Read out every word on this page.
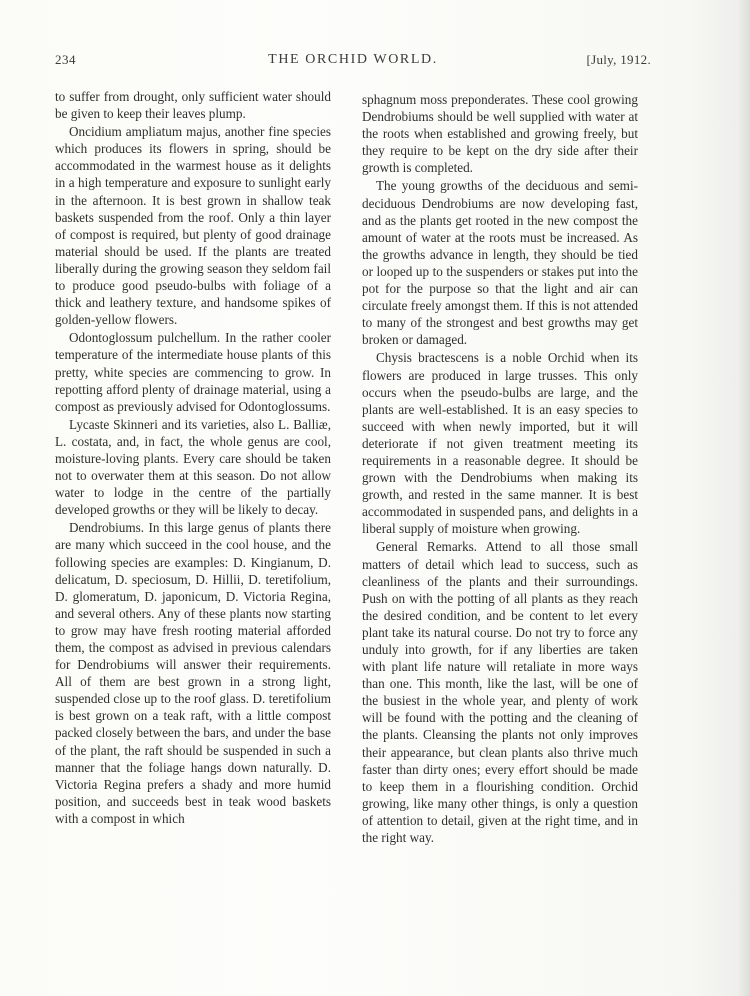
234	THE ORCHID WORLD.	[July, 1912.

to suffer from drought, only sufficient water should be given to keep their leaves plump.

Oncidium ampliatum majus, another fine species which produces its flowers in spring, should be accommodated in the warmest house as it delights in a high temperature and exposure to sunlight early in the afternoon. It is best grown in shallow teak baskets suspended from the roof. Only a thin layer of compost is required, but plenty of good drainage material should be used. If the plants are treated liberally during the growing season they seldom fail to produce good pseudo-bulbs with foliage of a thick and leathery texture, and handsome spikes of golden-yellow flowers.

Odontoglossum pulchellum. In the rather cooler temperature of the intermediate house plants of this pretty, white species are commencing to grow. In repotting afford plenty of drainage material, using a compost as previously advised for Odontoglossums.

Lycaste Skinneri and its varieties, also L. Balliæ, L. costata, and, in fact, the whole genus are cool, moisture-loving plants. Every care should be taken not to overwater them at this season. Do not allow water to lodge in the centre of the partially developed growths or they will be likely to decay.

Dendrobiums. In this large genus of plants there are many which succeed in the cool house, and the following species are examples: D. Kingianum, D. delicatum, D. speciosum, D. Hillii, D. teretifolium, D. glomeratum, D. japonicum, D. Victoria Regina, and several others. Any of these plants now starting to grow may have fresh rooting material afforded them, the compost as advised in previous calendars for Dendrobiums will answer their requirements. All of them are best grown in a strong light, suspended close up to the roof glass. D. teretifolium is best grown on a teak raft, with a little compost packed closely between the bars, and under the base of the plant, the raft should be suspended in such a manner that the foliage hangs down naturally. D. Victoria Regina prefers a shady and more humid position, and succeeds best in teak wood baskets with a compost in which

sphagnum moss preponderates. These cool growing Dendrobiums should be well supplied with water at the roots when established and growing freely, but they require to be kept on the dry side after their growth is completed.

The young growths of the deciduous and semi-deciduous Dendrobiums are now developing fast, and as the plants get rooted in the new compost the amount of water at the roots must be increased. As the growths advance in length, they should be tied or looped up to the suspenders or stakes put into the pot for the purpose so that the light and air can circulate freely amongst them. If this is not attended to many of the strongest and best growths may get broken or damaged.

Chysis bractescens is a noble Orchid when its flowers are produced in large trusses. This only occurs when the pseudo-bulbs are large, and the plants are well-established. It is an easy species to succeed with when newly imported, but it will deteriorate if not given treatment meeting its requirements in a reasonable degree. It should be grown with the Dendrobiums when making its growth, and rested in the same manner. It is best accommodated in suspended pans, and delights in a liberal supply of moisture when growing.

General Remarks. Attend to all those small matters of detail which lead to success, such as cleanliness of the plants and their surroundings. Push on with the potting of all plants as they reach the desired condition, and be content to let every plant take its natural course. Do not try to force any unduly into growth, for if any liberties are taken with plant life nature will retaliate in more ways than one. This month, like the last, will be one of the busiest in the whole year, and plenty of work will be found with the potting and the cleaning of the plants. Cleansing the plants not only improves their appearance, but clean plants also thrive much faster than dirty ones; every effort should be made to keep them in a flourishing condition. Orchid growing, like many other things, is only a question of attention to detail, given at the right time, and in the right way.
